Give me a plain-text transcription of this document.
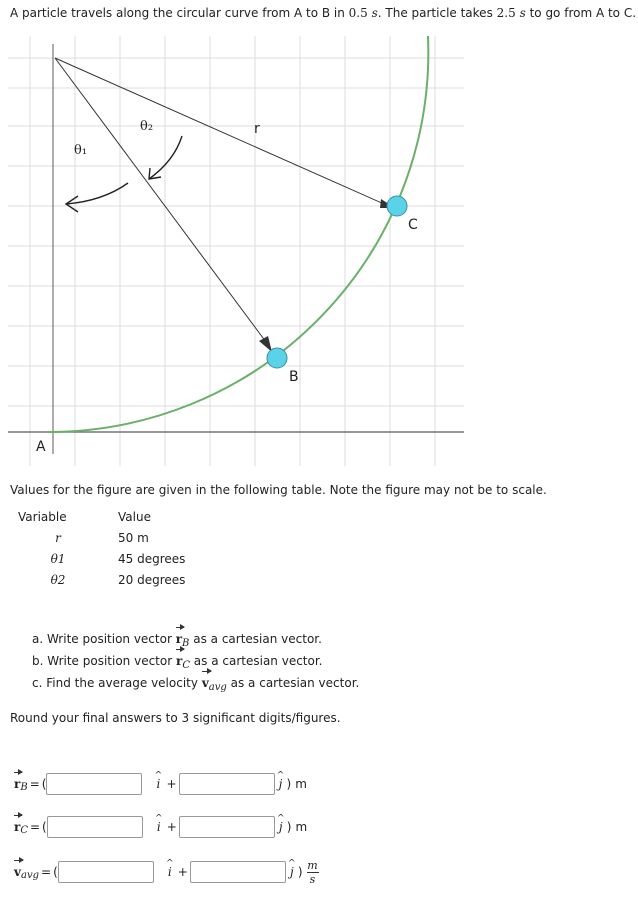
A particle travels along the circular curve from A to B in 0.5 s. The particle takes 2.5 s to go from A to C.
θ₁
θ₂	r
A
B
C
Values for the figure are given in the following table. Note the figure may not be to scale.
Variable	Value
r	50 m
θ1	45 degrees
θ2	20 degrees
a. Write position vector $r_B$ as a cartesian vector.
b. Write position vector $r_C$ as a cartesian vector.
c. Find the average velocity $v_{avg}$ as a cartesian vector.
Round your final answers to 3 significant digits/figures.
r B = (	^ i +	^ j ) m
r C = (	^ i +	^ j ) m
v avg = (	^ i +	^ j ) $\frac{m}{s}$
